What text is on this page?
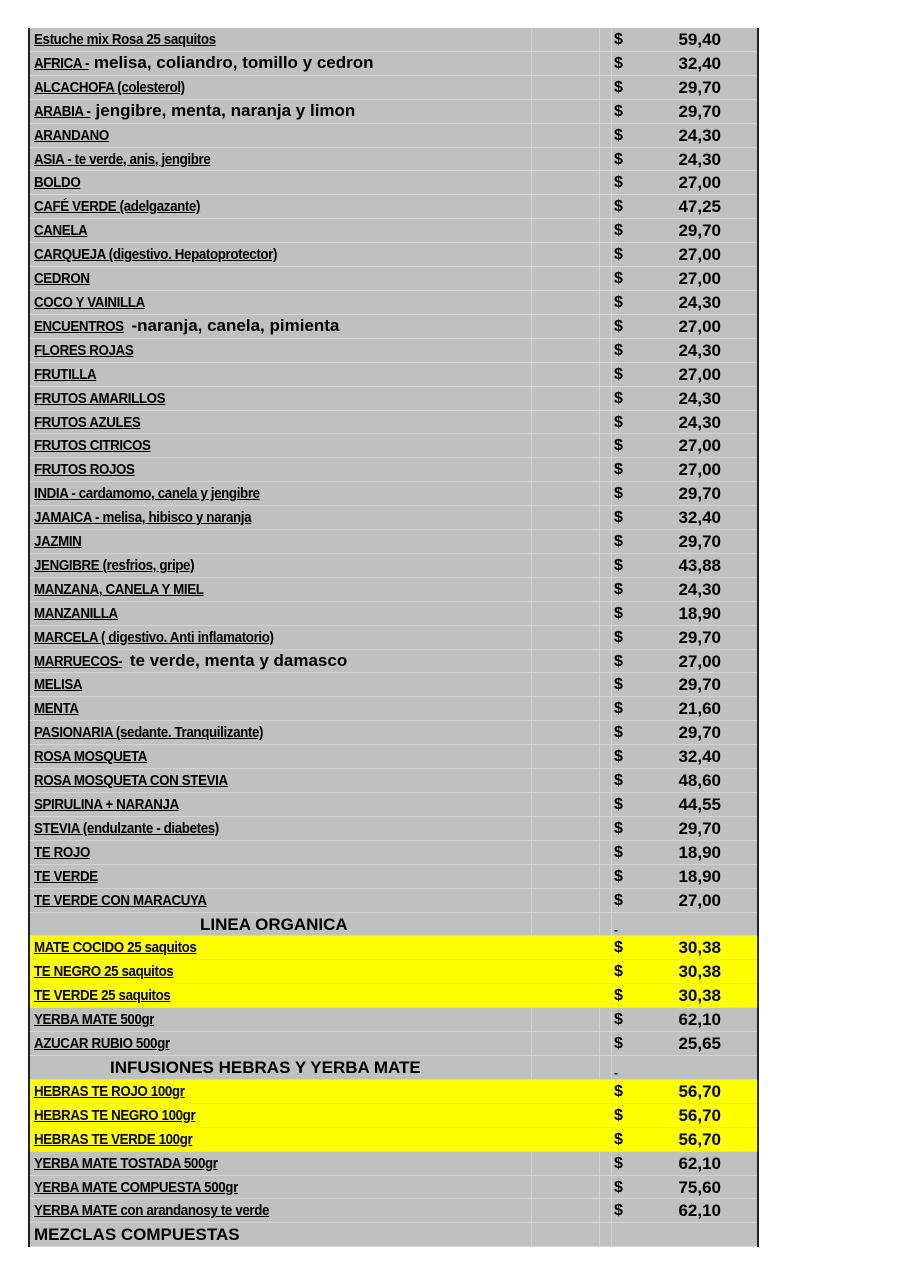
Estuche mix Rosa 25 saquitos	$	59,40
AFRICA -melisa, coliandro, tomillo y cedron	$	32,40
ALCACHOFA (colesterol)	$	29,70
ARABIA -jengibre, menta, naranja y limon	$	29,70
ARANDANO	$	24,30
ASIA - te verde, anis, jengibre	$	24,30
BOLDO	$	27,00
CAFÉ VERDE (adelgazante)	$	47,25
CANELA	$	29,70
CARQUEJA (digestivo. Hepatoprotector)	$	27,00
CEDRON	$	27,00
COCO Y VAINILLA	$	24,30
ENCUENTROS-naranja, canela, pimienta	$	27,00
FLORES ROJAS	$	24,30
FRUTILLA	$	27,00
FRUTOS AMARILLOS	$	24,30
FRUTOS AZULES	$	24,30
FRUTOS CITRICOS	$	27,00
FRUTOS ROJOS	$	27,00
INDIA - cardamomo, canela y jengibre	$	29,70
JAMAICA - melisa, hibisco y naranja	$	32,40
JAZMIN	$	29,70
JENGIBRE (resfrios, gripe)	$	43,88
MANZANA, CANELA Y MIEL	$	24,30
MANZANILLA	$	18,90
MARCELA ( digestivo. Anti inflamatorio)	$	29,70
MARRUECOS-te verde, menta y damasco	$	27,00
MELISA	$	29,70
MENTA	$	21,60
PASIONARIA (sedante. Tranquilizante)	$	29,70
ROSA MOSQUETA	$	32,40
ROSA MOSQUETA CON STEVIA	$	48,60
SPIRULINA + NARANJA	$	44,55
STEVIA (endulzante - diabetes)	$	29,70
TE ROJO	$	18,90
TE VERDE	$	18,90
TE VERDE CON MARACUYA	$	27,00
LINEA ORGANICA	-
MATE COCIDO 25 saquitos	$	30,38
TE NEGRO 25 saquitos	$	30,38
TE VERDE 25 saquitos	$	30,38
YERBA MATE 500gr	$	62,10
AZUCAR RUBIO 500gr	$	25,65
INFUSIONES HEBRAS Y YERBA MATE	-
HEBRAS TE ROJO 100gr	$	56,70
HEBRAS TE NEGRO 100gr	$	56,70
HEBRAS TE VERDE 100gr	$	56,70
YERBA MATE TOSTADA 500gr	$	62,10
YERBA MATE COMPUESTA 500gr	$	75,60
YERBA MATE con arandanosy te verde	$	62,10
MEZCLAS COMPUESTAS
